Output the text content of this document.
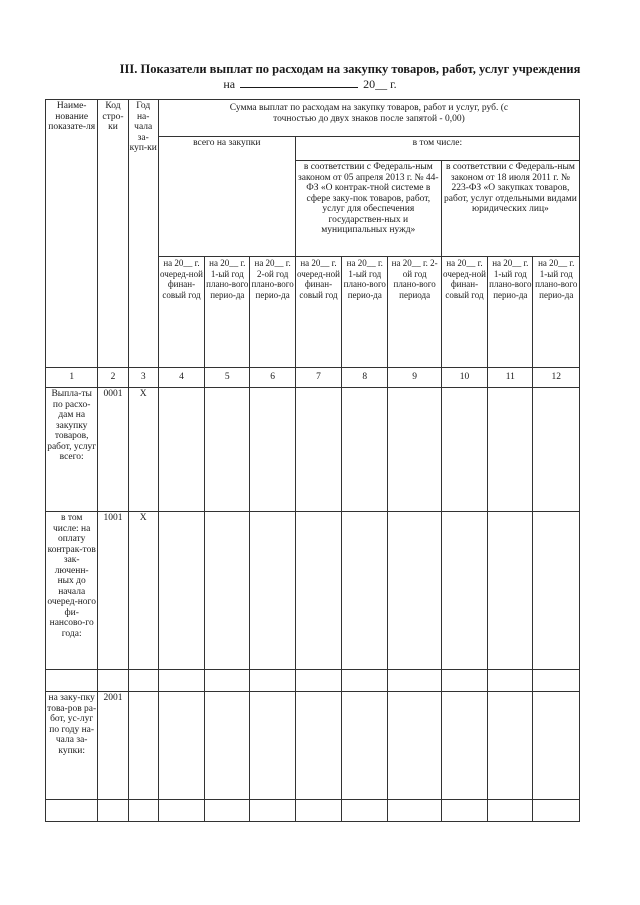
III. Показатели выплат по расходам на закупку товаров, работ, услуг учреждения
на	20__ г.
Наиме-нование показате-ля	Код стро-ки	Год на-чала за-куп-ки	Сумма выплат по расходам на закупку товаров, работ и услуг, руб. (с точностью до двух знаков после запятой - 0,00)								
			всего на закупки			в том числе:					
						в соответствии с Федераль-ным законом от 05 апреля 2013 г. № 44-ФЗ «О контрак-тной системе в сфере заку-пок товаров, работ, услуг для обеспечения государствен-ных и муниципальных нужд»			в соответствии с Федераль-ным законом от 18 июля 2011 г. № 223-ФЗ «О закупках товаров, работ, услуг отдельными видами юридических лиц»		
			на 20__ г. очеред-ной финан-совый год	на 20__ г. 1-ый год плано-вого перио-да	на 20__ г. 2-ой год плано-вого перио-да	на 20__ г. очеред-ной финан-совый год	на 20__ г. 1-ый год плано-вого перио-да	на 20__ г. 2-ой год плано-вого периода	на 20__ г. очеред-ной финан-совый год	на 20__ г. 1-ый год плано-вого перио-да	на 20__ г. 1-ый год плано-вого перио-да
1	2	3	4	5	6	7	8	9	10	11	12
Выпла-ты по расхо-дам на закупку товаров, работ, услуг всего:	0001	X									
в том числе: на оплату контрак-тов зак-люченн-ных до начала очеред-ного фи-нансово-го года:	1001	X									

на заку-пку това-ров ра-бот, ус-луг по году на-чала за-купки:	2001										
